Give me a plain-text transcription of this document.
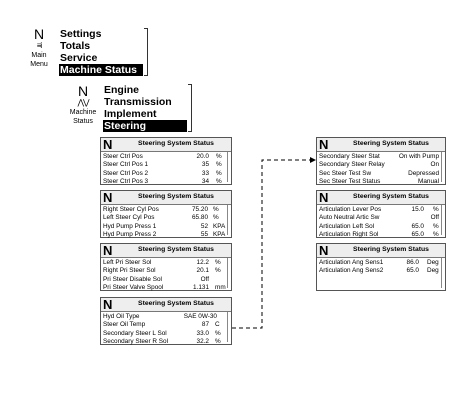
N
≡i
Main
Menu
Settings
Totals
Service
Machine Status
N
⋀⋁
Machine
Status
Engine
Transmission
Implement
Steering
N	Steering System Status
Steer Ctrl Pos	20.0 %
Steer Ctrl Pos 1	35 %
Steer Ctrl Pos 2	33 %
Steer Ctrl Pos 3	34 %
N	Steering System Status
Right Steer Cyl Pos	75.20 %
Left Steer Cyl Pos	65.80 %
Hyd Pump Press 1	52 KPA
Hyd Pump Press 2	55 KPA
N	Steering System Status
Left Pri Steer Sol	12.2 %
Right Pri Steer Sol	20.1 %
Pri Steer Disable Sol	Off
Pri Steer Valve Spool	1.131 mm
N	Steering System Status
Hyd Oil Type	SAE 0W-30
Steer Oil Temp	87 C
Secondary Steer L Sol	33.0 %
Secondary Steer R Sol	32.2 %
N	Steering System Status
Secondary Steer Stat	On with Pump
Secondary Steer Relay	On
Sec Steer Test Sw	Depressed
Sec Steer Test Status	Manual
N	Steering System Status
Articulation Lever Pos	15.0 %
Auto Neutral Artic Sw	Off
Articulation Left Sol	65.0 %
Articulation Right Sol	65.0 %
N	Steering System Status
Articulation Ang Sens1	86.0 Deg
Articulation Ang Sens2	65.0 Deg
